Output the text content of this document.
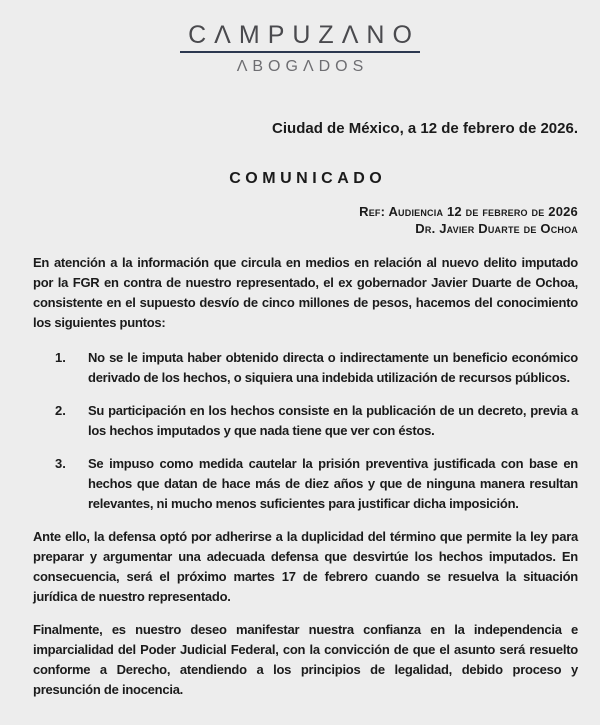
CΛMPUZΛNO
ΛBOGΛDOS
Ciudad de México, a 12 de febrero de 2026.
COMUNICADO
Ref: Audiencia 12 de febrero de 2026
Dr. Javier Duarte de Ochoa

En atención a la información que circula en medios en relación al nuevo delito imputado por la FGR en contra de nuestro representado, el ex gobernador Javier Duarte de Ochoa, consistente en el supuesto desvío de cinco millones de pesos, hacemos del conocimiento los siguientes puntos:

1.	No se le imputa haber obtenido directa o indirectamente un beneficio económico derivado de los hechos, o siquiera una indebida utilización de recursos públicos.
2.	Su participación en los hechos consiste en la publicación de un decreto, previa a los hechos imputados y que nada tiene que ver con éstos.
3.	Se impuso como medida cautelar la prisión preventiva justificada con base en hechos que datan de hace más de diez años y que de ninguna manera resultan relevantes, ni mucho menos suficientes para justificar dicha imposición.

Ante ello, la defensa optó por adherirse a la duplicidad del término que permite la ley para preparar y argumentar una adecuada defensa que desvirtúe los hechos imputados. En consecuencia, será el próximo martes 17 de febrero cuando se resuelva la situación jurídica de nuestro representado.

Finalmente, es nuestro deseo manifestar nuestra confianza en la independencia e imparcialidad del Poder Judicial Federal, con la convicción de que el asunto será resuelto conforme a Derecho, atendiendo a los principios de legalidad, debido proceso y presunción de inocencia.
